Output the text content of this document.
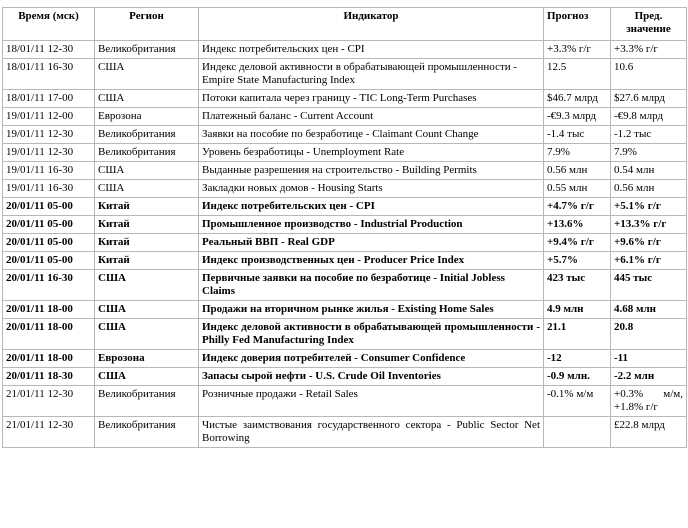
Время (мск)	Регион	Индикатор	Прогноз	Пред. значение
18/01/11 12-30	Великобритания	Индекс потребительских цен - CPI	+3.3% г/г	+3.3% г/г
18/01/11 16-30	США	Индекс деловой активности в обрабатывающей промышленности - Empire State Manufacturing Index	12.5	10.6
18/01/11 17-00	США	Потоки капитала через границу - TIC Long-Term Purchases	$46.7 млрд	$27.6 млрд
19/01/11 12-00	Еврозона	Платежный баланс - Current Account	-€9.3 млрд	-€9.8 млрд
19/01/11 12-30	Великобритания	Заявки на пособие по безработице - Claimant Count Change	-1.4 тыс	-1.2 тыс
19/01/11 12-30	Великобритания	Уровень безработицы - Unemployment Rate	7.9%	7.9%
19/01/11 16-30	США	Выданные разрешения на строительство - Building Permits	0.56 млн	0.54 млн
19/01/11 16-30	США	Закладки новых домов - Housing Starts	0.55 млн	0.56 млн
20/01/11 05-00	Китай	Индекс потребительских цен - CPI	+4.7% г/г	+5.1% г/г
20/01/11 05-00	Китай	Промышленное производство - Industrial Production	+13.6%	+13.3% г/г
20/01/11 05-00	Китай	Реальный ВВП - Real GDP	+9.4% г/г	+9.6% г/г
20/01/11 05-00	Китай	Индекс производственных цен - Producer Price Index	+5.7%	+6.1% г/г
20/01/11 16-30	США	Первичные заявки на пособие по безработице - Initial Jobless Claims	423 тыс	445 тыс
20/01/11 18-00	США	Продажи на вторичном рынке жилья - Existing Home Sales	4.9 млн	4.68 млн
20/01/11 18-00	США	Индекс деловой активности в обрабатывающей промышленности - Philly Fed Manufacturing Index	21.1	20.8
20/01/11 18-00	Еврозона	Индекс доверия потребителей - Consumer Confidence	-12	-11
20/01/11 18-30	США	Запасы сырой нефти - U.S. Crude Oil Inventories	-0.9 млн.	-2.2 млн
21/01/11 12-30	Великобритания	Розничные продажи - Retail Sales	-0.1% м/м	+0.3% м/м, +1.8% г/г
21/01/11 12-30	Великобритания	Чистые заимствования государственного сектора - Public Sector Net Borrowing		£22.8 млрд
